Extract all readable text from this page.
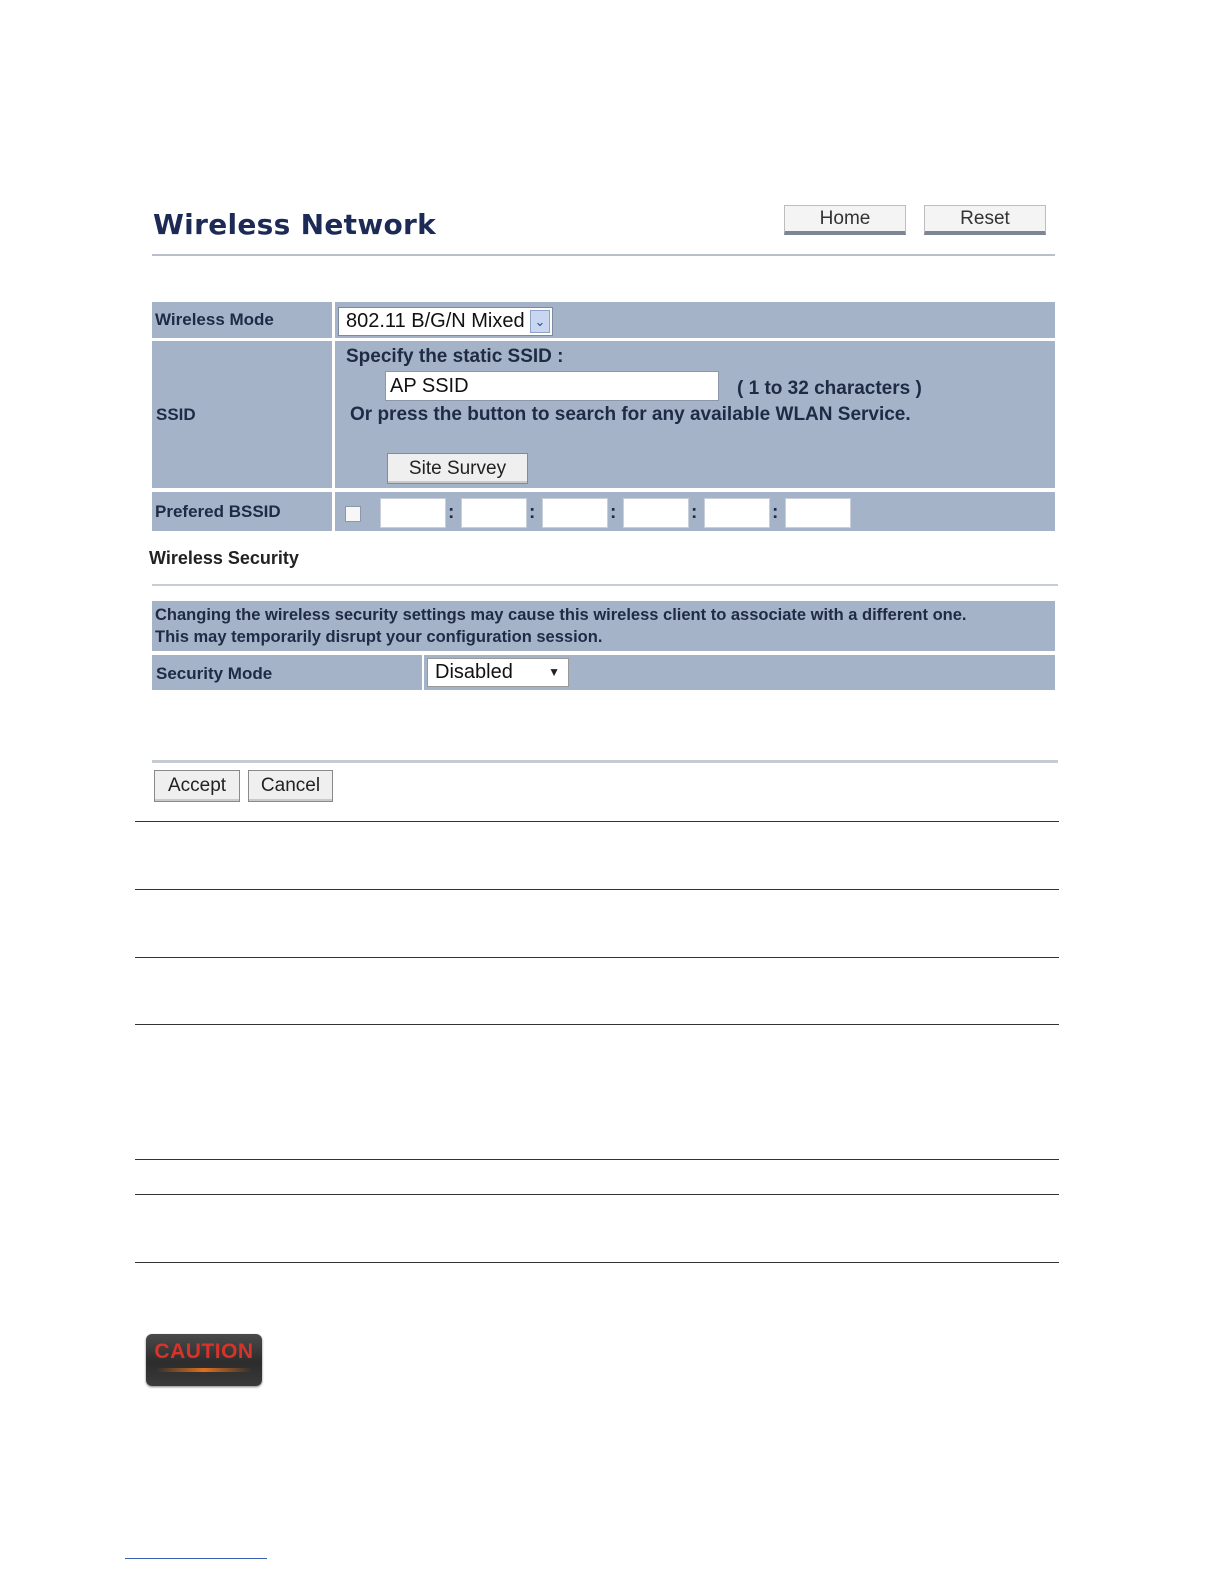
Wireless Network	Home	Reset
Wireless Mode	802.11 B/G/N Mixed ⌄
SSID
Specify the static SSID :
AP SSID	( 1 to 32 characters )
Or press the button to search for any available WLAN Service.
Site Survey
Prefered BSSID	:	:	:	:	:
Wireless Security
Changing the wireless security settings may cause this wireless client to associate with a different one.
This may temporarily disrupt your configuration session.
Security Mode	Disabled	▼
Accept	Cancel
CAUTION
